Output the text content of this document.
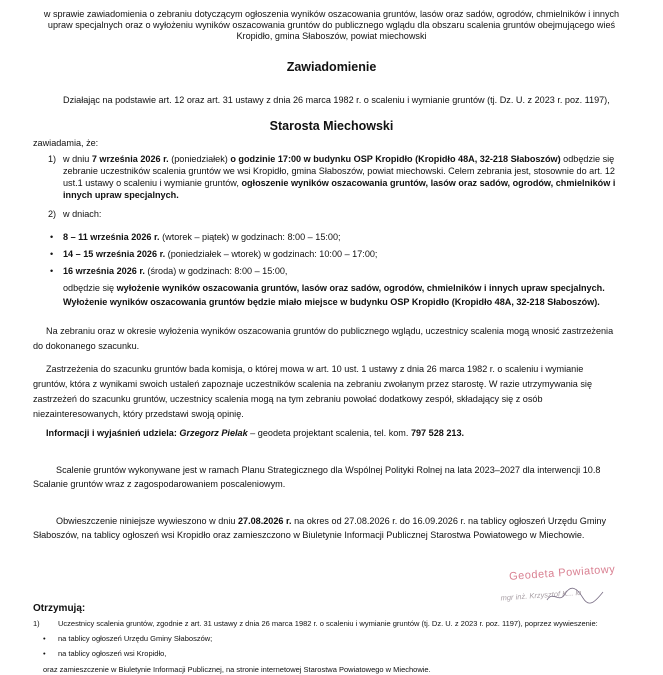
w sprawie zawiadomienia o zebraniu dotyczącym ogłoszenia wyników oszacowania gruntów, lasów oraz sadów, ogrodów, chmielników i innych
upraw specjalnych oraz o wyłożeniu wyników oszacowania gruntów do publicznego wglądu dla obszaru scalenia gruntów obejmującego wieś
Kropidło, gmina Słaboszów, powiat miechowski
Zawiadomienie
Działając na podstawie art. 12 oraz art. 31 ustawy z dnia 26 marca 1982 r. o scaleniu i wymianie gruntów (tj. Dz. U. z 2023 r. poz. 1197),
Starosta Miechowski
zawiadamia, że:
1) w dniu 7 września 2026 r. (poniedziałek) o godzinie 17:00 w budynku OSP Kropidło (Kropidło 48A, 32-218 Słaboszów) odbędzie się
zebranie uczestników scalenia gruntów we wsi Kropidło, gmina Słaboszów, powiat miechowski. Celem zebrania jest, stosownie do art. 12
ust.1 ustawy o scaleniu i wymianie gruntów, ogłoszenie wyników oszacowania gruntów, lasów oraz sadów, ogrodów, chmielników i
innych upraw specjalnych.
2) w dniach:
• 8 – 11 września 2026 r. (wtorek – piątek) w godzinach: 8:00 – 15:00;
• 14 – 15 września 2026 r. (poniedziałek – wtorek) w godzinach: 10:00 – 17:00;
• 16 września 2026 r. (środa) w godzinach: 8:00 – 15:00,
odbędzie się wyłożenie wyników oszacowania gruntów, lasów oraz sadów, ogrodów, chmielników i innych upraw specjalnych.
Wyłożenie wyników oszacowania gruntów będzie miało miejsce w budynku OSP Kropidło (Kropidło 48A, 32-218 Słaboszów).
Na zebraniu oraz w okresie wyłożenia wyników oszacowania gruntów do publicznego wglądu, uczestnicy scalenia mogą wnosić zastrzeżenia
do dokonanego szacunku.
Zastrzeżenia do szacunku gruntów bada komisja, o której mowa w art. 10 ust. 1 ustawy z dnia 26 marca 1982 r. o scaleniu i wymianie
gruntów, która z wynikami swoich ustaleń zapoznaje uczestników scalenia na zebraniu zwołanym przez starostę. W razie utrzymywania się
zastrzeżeń do szacunku gruntów, uczestnicy scalenia mogą na tym zebraniu powołać dodatkowy zespół, składający się z osób
niezainteresowanych, który przedstawi swoją opinię.
Informacji i wyjaśnień udziela: Grzegorz Pielak – geodeta projektant scalenia, tel. kom. 797 528 213.
Scalenie gruntów wykonywane jest w ramach Planu Strategicznego dla Wspólnej Polityki Rolnej na lata 2023–2027 dla interwencji 10.8
Scalanie gruntów wraz z zagospodarowaniem poscaleniowym.
Obwieszczenie niniejsze wywieszono w dniu 27.08.2026 r. na okres od 27.08.2026 r. do 16.09.2026 r. na tablicy ogłoszeń Urzędu Gminy
Słaboszów, na tablicy ogłoszeń wsi Kropidło oraz zamieszczono w Biuletynie Informacji Publicznej Starostwa Powiatowego w Miechowie.
Geodeta Powiatowy
mgr inż. Krzysztof K... lo
Otrzymują:
1) Uczestnicy scalenia gruntów, zgodnie z art. 31 ustawy z dnia 26 marca 1982 r. o scaleniu i wymianie gruntów (tj. Dz. U. z 2023 r. poz. 1197), poprzez wywieszenie:
• na tablicy ogłoszeń Urzędu Gminy Słaboszów;
• na tablicy ogłoszeń wsi Kropidło,
oraz zamieszczenie w Biuletynie Informacji Publicznej, na stronie internetowej Starostwa Powiatowego w Miechowie.
